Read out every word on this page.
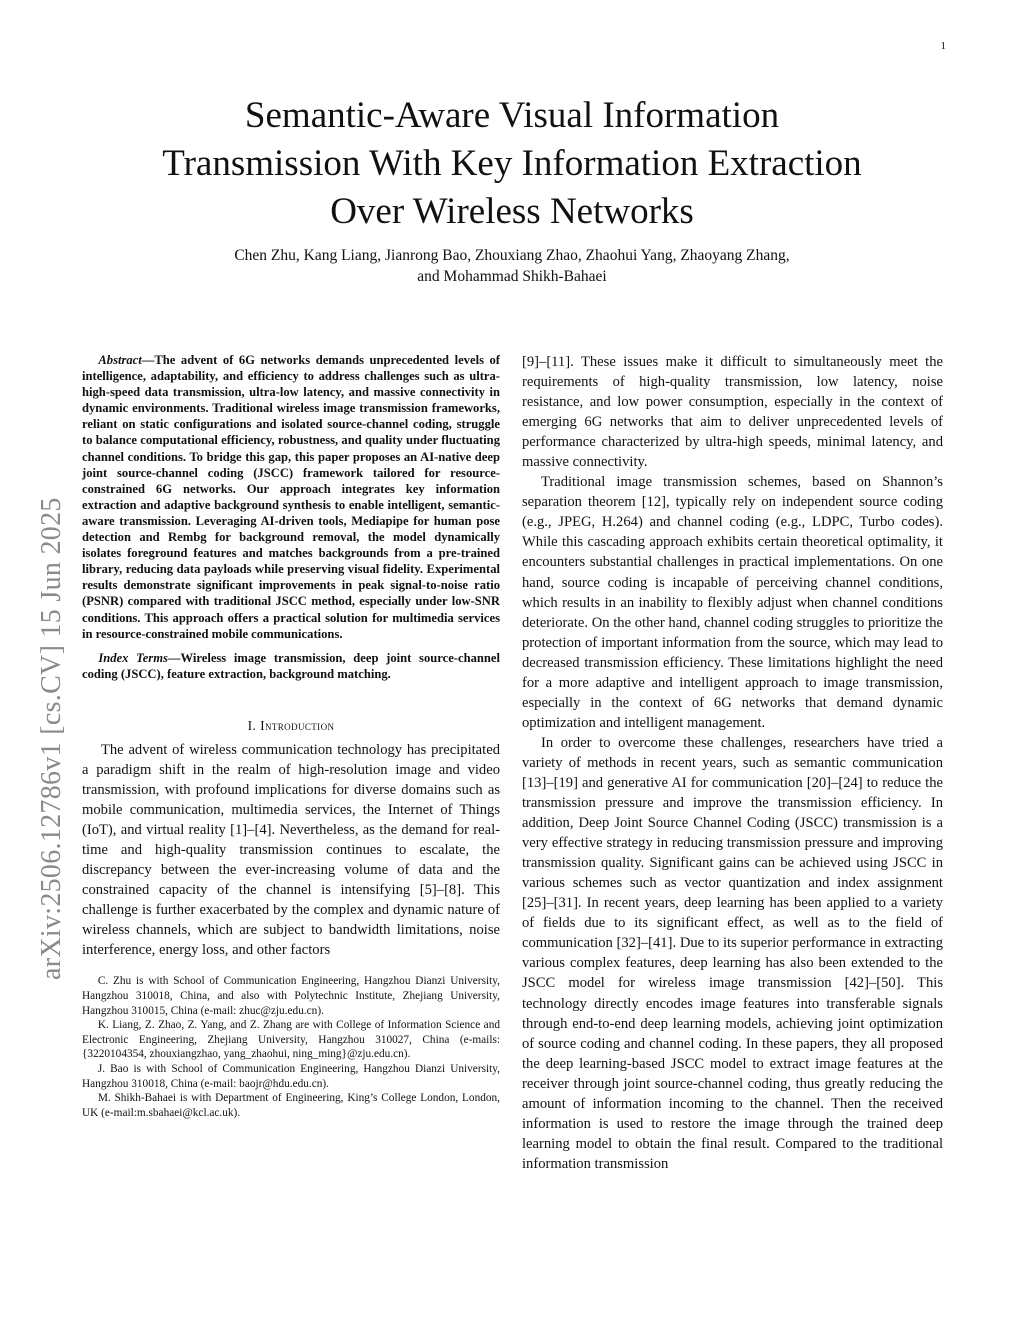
1
Semantic-Aware Visual Information
Transmission With Key Information Extraction
Over Wireless Networks
Chen Zhu, Kang Liang, Jianrong Bao, Zhouxiang Zhao, Zhaohui Yang, Zhaoyang Zhang,
and Mohammad Shikh-Bahaei
arXiv:2506.12786v1 [cs.CV] 15 Jun 2025

Abstract—The advent of 6G networks demands unprecedented levels of intelligence, adaptability, and efficiency to address challenges such as ultra-high-speed data transmission, ultra-low latency, and massive connectivity in dynamic environments. Traditional wireless image transmission frameworks, reliant on static configurations and isolated source-channel coding, struggle to balance computational efficiency, robustness, and quality under fluctuating channel conditions. To bridge this gap, this paper proposes an AI-native deep joint source-channel coding (JSCC) framework tailored for resource-constrained 6G networks. Our approach integrates key information extraction and adaptive background synthesis to enable intelligent, semantic-aware transmission. Leveraging AI-driven tools, Mediapipe for human pose detection and Rembg for background removal, the model dynamically isolates foreground features and matches backgrounds from a pre-trained library, reducing data payloads while preserving visual fidelity. Experimental results demonstrate significant improvements in peak signal-to-noise ratio (PSNR) compared with traditional JSCC method, especially under low-SNR conditions. This approach offers a practical solution for multimedia services in resource-constrained mobile communications.

Index Terms—Wireless image transmission, deep joint source-channel coding (JSCC), feature extraction, background matching.

I. Introduction

The advent of wireless communication technology has precipitated a paradigm shift in the realm of high-resolution image and video transmission, with profound implications for diverse domains such as mobile communication, multimedia services, the Internet of Things (IoT), and virtual reality [1]–[4]. Nevertheless, as the demand for real-time and high-quality transmission continues to escalate, the discrepancy between the ever-increasing volume of data and the constrained capacity of the channel is intensifying [5]–[8]. This challenge is further exacerbated by the complex and dynamic nature of wireless channels, which are subject to bandwidth limitations, noise interference, energy loss, and other factors

C. Zhu is with School of Communication Engineering, Hangzhou Dianzi University, Hangzhou 310018, China, and also with Polytechnic Institute, Zhejiang University, Hangzhou 310015, China (e-mail: zhuc@zju.edu.cn).

K. Liang, Z. Zhao, Z. Yang, and Z. Zhang are with College of Information Science and Electronic Engineering, Zhejiang University, Hangzhou 310027, China (e-mails: {3220104354, zhouxiangzhao, yang_zhaohui, ning_ming}@zju.edu.cn).

J. Bao is with School of Communication Engineering, Hangzhou Dianzi University, Hangzhou 310018, China (e-mail: baojr@hdu.edu.cn).

M. Shikh-Bahaei is with Department of Engineering, King’s College London, London, UK (e-mail:m.sbahaei@kcl.ac.uk).

[9]–[11]. These issues make it difficult to simultaneously meet the requirements of high-quality transmission, low latency, noise resistance, and low power consumption, especially in the context of emerging 6G networks that aim to deliver unprecedented levels of performance characterized by ultra-high speeds, minimal latency, and massive connectivity.

Traditional image transmission schemes, based on Shannon’s separation theorem [12], typically rely on independent source coding (e.g., JPEG, H.264) and channel coding (e.g., LDPC, Turbo codes). While this cascading approach exhibits certain theoretical optimality, it encounters substantial challenges in practical implementations. On one hand, source coding is incapable of perceiving channel conditions, which results in an inability to flexibly adjust when channel conditions deteriorate. On the other hand, channel coding struggles to prioritize the protection of important information from the source, which may lead to decreased transmission efficiency. These limitations highlight the need for a more adaptive and intelligent approach to image transmission, especially in the context of 6G networks that demand dynamic optimization and intelligent management.

In order to overcome these challenges, researchers have tried a variety of methods in recent years, such as semantic communication [13]–[19] and generative AI for communication [20]–[24] to reduce the transmission pressure and improve the transmission efficiency. In addition, Deep Joint Source Channel Coding (JSCC) transmission is a very effective strategy in reducing transmission pressure and improving transmission quality. Significant gains can be achieved using JSCC in various schemes such as vector quantization and index assignment [25]–[31]. In recent years, deep learning has been applied to a variety of fields due to its significant effect, as well as to the field of communication [32]–[41]. Due to its superior performance in extracting various complex features, deep learning has also been extended to the JSCC model for wireless image transmission [42]–[50]. This technology directly encodes image features into transferable signals through end-to-end deep learning models, achieving joint optimization of source coding and channel coding. In these papers, they all proposed the deep learning-based JSCC model to extract image features at the receiver through joint source-channel coding, thus greatly reducing the amount of information incoming to the channel. Then the received information is used to restore the image through the trained deep learning model to obtain the final result. Compared to the traditional information transmission
